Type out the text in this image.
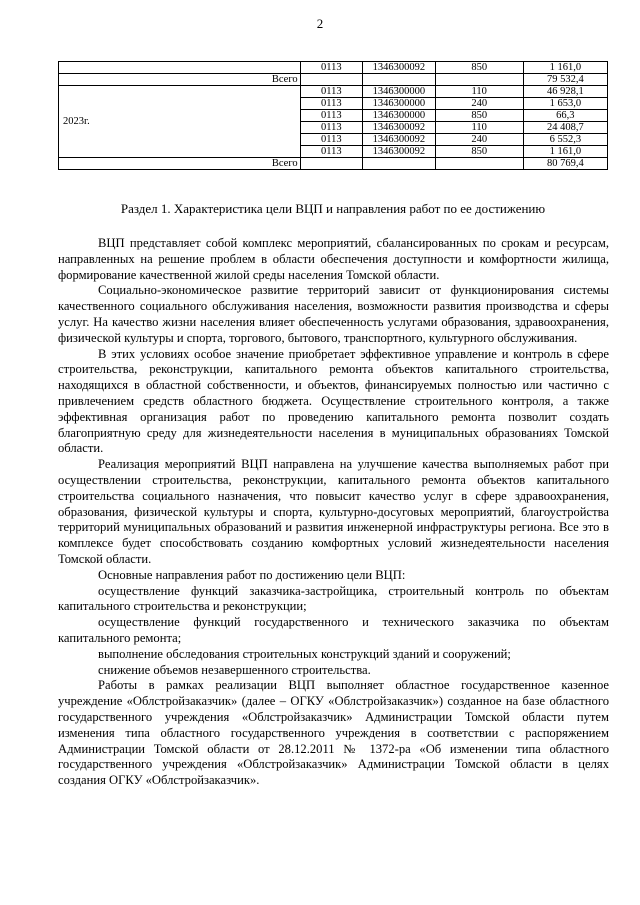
2
	0113	1346300092	850	1 161,0
Всего				79 532,4
2023г.	0113	1346300000	110	46 928,1
	0113	1346300000	240	1 653,0
	0113	1346300000	850	66,3
	0113	1346300092	110	24 408,7
	0113	1346300092	240	6 552,3
	0113	1346300092	850	1 161,0
Всего				80 769,4
Раздел 1. Характеристика цели ВЦП и направления работ по ее достижению

ВЦП представляет собой комплекс мероприятий, сбалансированных по срокам и ресурсам, направленных на решение проблем в области обеспечения доступности и комфортности жилища, формирование качественной жилой среды населения Томской области.

Социально-экономическое развитие территорий зависит от функционирования системы качественного социального обслуживания населения, возможности развития производства и сферы услуг. На качество жизни населения влияет обеспеченность услугами образования, здравоохранения, физической культуры и спорта, торгового, бытового, транспортного, культурного обслуживания.

В этих условиях особое значение приобретает эффективное управление и контроль в сфере строительства, реконструкции, капитального ремонта объектов капитального строительства, находящихся в областной собственности, и объектов, финансируемых полностью или частично с привлечением средств областного бюджета. Осуществление строительного контроля, а также эффективная организация работ по проведению капитального ремонта позволит создать благоприятную среду для жизнедеятельности населения в муниципальных образованиях Томской области.

Реализация мероприятий ВЦП направлена на улучшение качества выполняемых работ при осуществлении строительства, реконструкции, капитального ремонта объектов капитального строительства социального назначения, что повысит качество услуг в сфере здравоохранения, образования, физической культуры и спорта, культурно-досуговых мероприятий, благоустройства территорий муниципальных образований и развития инженерной инфраструктуры региона. Все это в комплексе будет способствовать созданию комфортных условий жизнедеятельности населения Томской области.

Основные направления работ по достижению цели ВЦП:

осуществление функций заказчика-застройщика, строительный контроль по объектам капитального строительства и реконструкции;

осуществление функций государственного и технического заказчика по объектам капитального ремонта;

выполнение обследования строительных конструкций зданий и сооружений;

снижение объемов незавершенного строительства.

Работы в рамках реализации ВЦП выполняет областное государственное казенное учреждение «Облстройзаказчик» (далее – ОГКУ «Облстройзаказчик») созданное на базе областного государственного учреждения «Облстройзаказчик» Администрации Томской области путем изменения типа областного государственного учреждения в соответствии с распоряжением Администрации Томской области от 28.12.2011 № 1372-ра «Об изменении типа областного государственного учреждения «Облстройзаказчик» Администрации Томской области в целях создания ОГКУ «Облстройзаказчик».
